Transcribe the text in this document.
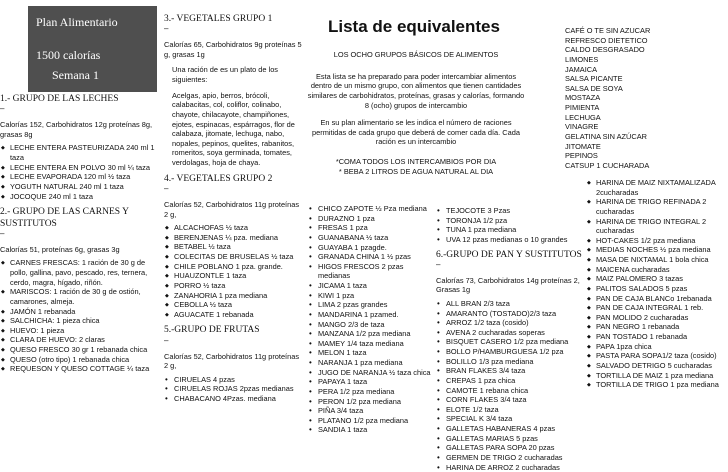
Plan Alimentario
1500 calorías
Semana 1
1.- GRUPO DE LAS LECHES
–

Calorías 152, Carbohidratos 12g proteínas 8g, grasas 8g

◆ LECHE ENTERA PASTEURIZADA 240 ml 1 taza
◆ LECHE ENTERA EN POLVO 30 ml ¼ taza
◆ LECHE EVAPORADA 120 ml ½ taza
◆ YOGUTH NATURAL 240 ml 1 taza
◆ JOCOQUE 240 ml 1 taza
2.- GRUPO DE LAS CARNES Y SUSTITUTOS
–

Calorías 51, proteínas 6g, grasas 3g

◆ CARNES FRESCAS: 1 ración de 30 g de pollo, gallina, pavo, pescado, res, ternera, cerdo, magra, hígado, riñón.
◆ MARISCOS: 1 ración de 30 g de ostión, camarones, almeja.
◆ JAMÓN 1 rebanada
◆ SALCHICHA: 1 pieza chica
◆ HUEVO: 1 pieza
◆ CLARA DE HUEVO: 2 claras
◆ QUESO FRESCO 30 gr 1 rebanada chica
◆ QUESO (otro tipo) 1 rebanada chica
◆ REQUESON Y QUESO COTTAGE ¼ taza
3.- VEGETALES GRUPO 1
–

Calorías 65, Carbohidratos 9g proteínas 5 g, grasas 1g

Una ración de es un plato de los siguientes:

Acelgas, apio, berros, brócoli, calabacitas, col, coliflor, colinabo, chayote, chilacayote, champiñones, ejotes, espinacas, espárragos, flor de calabaza, jitomate, lechuga, nabo, nopales, pepinos, quelites, rabanitos, romeritos, soya germinada, tomates, verdolagas, hoja de chaya.

4.- VEGETALES GRUPO 2
–

Calorías 52, Carbohidratos 11g proteínas 2 g,

◆ ALCACHOFAS ½ taza
◆ BERENJENAS ¼ pza. mediana
◆ BETABEL ½ taza
◆ COLECITAS DE BRUSELAS ½ taza
◆ CHILE POBLANO 1 pza. grande.
◆ HUAUZONTLE 1 taza
◆ PORRO ½ taza
◆ ZANAHORIA 1 pza mediana
◆ CEBOLLA ½ taza
◆ AGUACATE 1 rebanada
5.-GRUPO DE FRUTAS
–

Calorías 52, Carbohidratos 11g proteínas 2 g,

• CIRUELAS 4 pzas
• CIRUELAS ROJAS 2pzas medianas
• CHABACANO 4Pzas. mediana
Lista de equivalentes

LOS OCHO GRUPOS BÁSICOS DE ALIMENTOS

Esta lista se ha preparado para poder intercambiar alimentos dentro de un mismo grupo, con alimentos que tienen cantidades similares de carbohidratos, proteínas, grasas y calorías, formando 8 (ocho) grupos de intercambio

En su plan alimentario se les indica el número de raciones permitidas de cada grupo que deberá de comer cada día. Cada ración es un intercambio

*COMA TODOS LOS INTERCAMBIOS POR DIA

* BEBA 2 LITROS DE AGUA NATURAL AL DIA

• CHICO ZAPOTE ½ Pza mediana
• DURAZNO 1 pza
• FRESAS 1 pza
• GUANABANA ½ taza
• GUAYABA 1 pzagde.
• GRANADA CHINA 1 ½ pzas
• HIGOS FRESCOS 2 pzas medianas
• JICAMA 1 taza
• KIWI 1 pza
• LIMA 2 pzas grandes
• MANDARINA 1 pzamed.
• MANGO 2/3 de taza
• MANZANA 1/2 pza mediana
• MAMEY 1/4 taza mediana
• MELON 1 taza
• NARANJA 1 pza mediana
• JUGO DE NARANJA ½ taza chica
• PAPAYA 1 taza
• PERA 1/2 pza mediana
• PERON 1/2 pza mediana
• PIÑA 3/4 taza
• PLATANO 1/2 pza mediana
• SANDIA 1 taza
• TEJOCOTE 3 Pzas
• TORONJA 1/2 pza
• TUNA 1 pza mediana
• UVA 12 pzas medianas o 10 grandes
6.-GRUPO DE PAN Y SUSTITUTOS
–

Calorías 73, Carbohidratos 14g proteínas 2, Grasas 1g

• ALL BRAN 2/3 taza
• AMARANTO (TOSTADO)2/3 taza
• ARROZ 1/2 taza (cosido)
• AVENA 2 cucharadas soperas
• BISQUET CASERO 1/2 pza mediana
• BOLLO P/HAMBURGUESA 1/2 pza
• BOLILLO 1/3 pza mediana
• BRAN FLAKES 3/4 taza
• CREPAS 1 pza chica
• CAMOTE 1 rebana chica
• CORN FLAKES 3/4 taza
• ELOTE 1/2 taza
• SPECIAL K 3/4 taza
• GALLETAS HABANERAS 4 pzas
• GALLETAS MARIAS 5 pzas
• GALLETAS PARA SOPA 20 pzas
• GERMEN DE TRIGO 2 cucharadas
• HARINA DE ARROZ 2 cucharadas
CAFÉ O TE SIN AZUCAR
REFRESCO DIETETICO
CALDO DESGRASADO
LIMONES
JAMAICA
SALSA PICANTE
SALSA DE SOYA
MOSTAZA
PIMIENTA
LECHUGA
VINAGRE
GELATINA SIN AZÚCAR
JITOMATE
PEPINOS
CATSUP 1 CUCHARADA
◆ HARINA DE MAIZ NIXTAMALIZADA 2cucharadas
◆ HARINA DE TRIGO REFINADA 2 cucharadas
◆ HARINA DE TRIGO INTEGRAL 2 cucharadas
◆ HOT-CAKES 1/2 pza mediana
◆ MEDIAS NOCHES ½ pza mediana
◆ MASA DE NIXTAMAL 1 bola chica
◆ MAICENA cucharadas
◆ MAIZ PALOMERO 3 tazas
◆ PALITOS SALADOS 5 pzas
◆ PAN DE CAJA BLANCo 1rebanada
◆ PAN DE CAJA INTEGRAL 1 reb.
◆ PAN MOLIDO 2 cucharadas
◆ PAN NEGRO 1 rebanada
◆ PAN TOSTADO 1 rebanada
◆ PAPA 1pza chica
◆ PASTA PARA SOPA1/2 taza (cosido)
◆ SALVADO DETRIGO 5 cucharadas
◆ TORTILLA DE MAIZ 1 pza mediana
◆ TORTILLA DE TRIGO 1 pza mediana
